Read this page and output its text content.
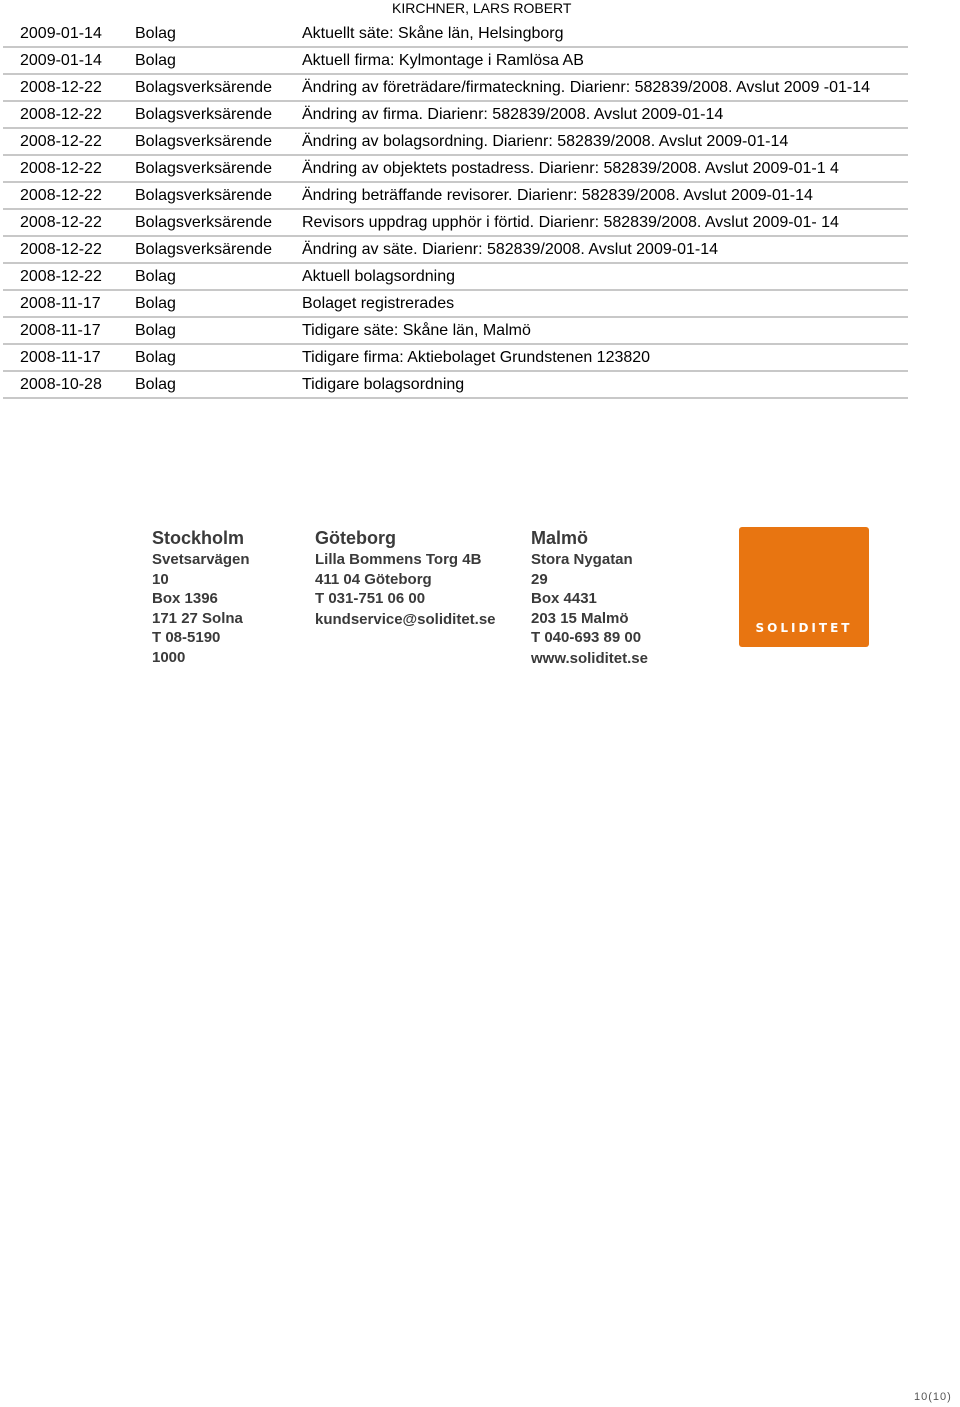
KIRCHNER, LARS ROBERT
2009-01-14	Bolag	Aktuellt säte: Skåne län, Helsingborg
2009-01-14	Bolag	Aktuell firma: Kylmontage i Ramlösa AB
2008-12-22	Bolagsverksärende	Ändring av företrädare/firmateckning. Diarienr: 582839/2008. Avslut 2009 -01-14
2008-12-22	Bolagsverksärende	Ändring av firma. Diarienr: 582839/2008. Avslut 2009-01-14
2008-12-22	Bolagsverksärende	Ändring av bolagsordning. Diarienr: 582839/2008. Avslut 2009-01-14
2008-12-22	Bolagsverksärende	Ändring av objektets postadress. Diarienr: 582839/2008. Avslut 2009-01-1 4
2008-12-22	Bolagsverksärende	Ändring beträffande revisorer. Diarienr: 582839/2008. Avslut 2009-01-14
2008-12-22	Bolagsverksärende	Revisors uppdrag upphör i förtid. Diarienr: 582839/2008. Avslut 2009-01- 14
2008-12-22	Bolagsverksärende	Ändring av säte. Diarienr: 582839/2008. Avslut 2009-01-14
2008-12-22	Bolag	Aktuell bolagsordning
2008-11-17	Bolag	Bolaget registrerades
2008-11-17	Bolag	Tidigare säte: Skåne län, Malmö
2008-11-17	Bolag	Tidigare firma: Aktiebolaget Grundstenen 123820
2008-10-28	Bolag	Tidigare bolagsordning
Stockholm
Svetsarvägen 10
Box 1396
171 27 Solna
T 08-5190 1000
Göteborg
Lilla Bommens Torg 4B
411 04 Göteborg
T 031-751 06 00
kundservice@soliditet.se
Malmö
Stora Nygatan 29
Box 4431
203 15 Malmö
T 040-693 89 00
www.soliditet.se
SOLIDITET
10(10)
